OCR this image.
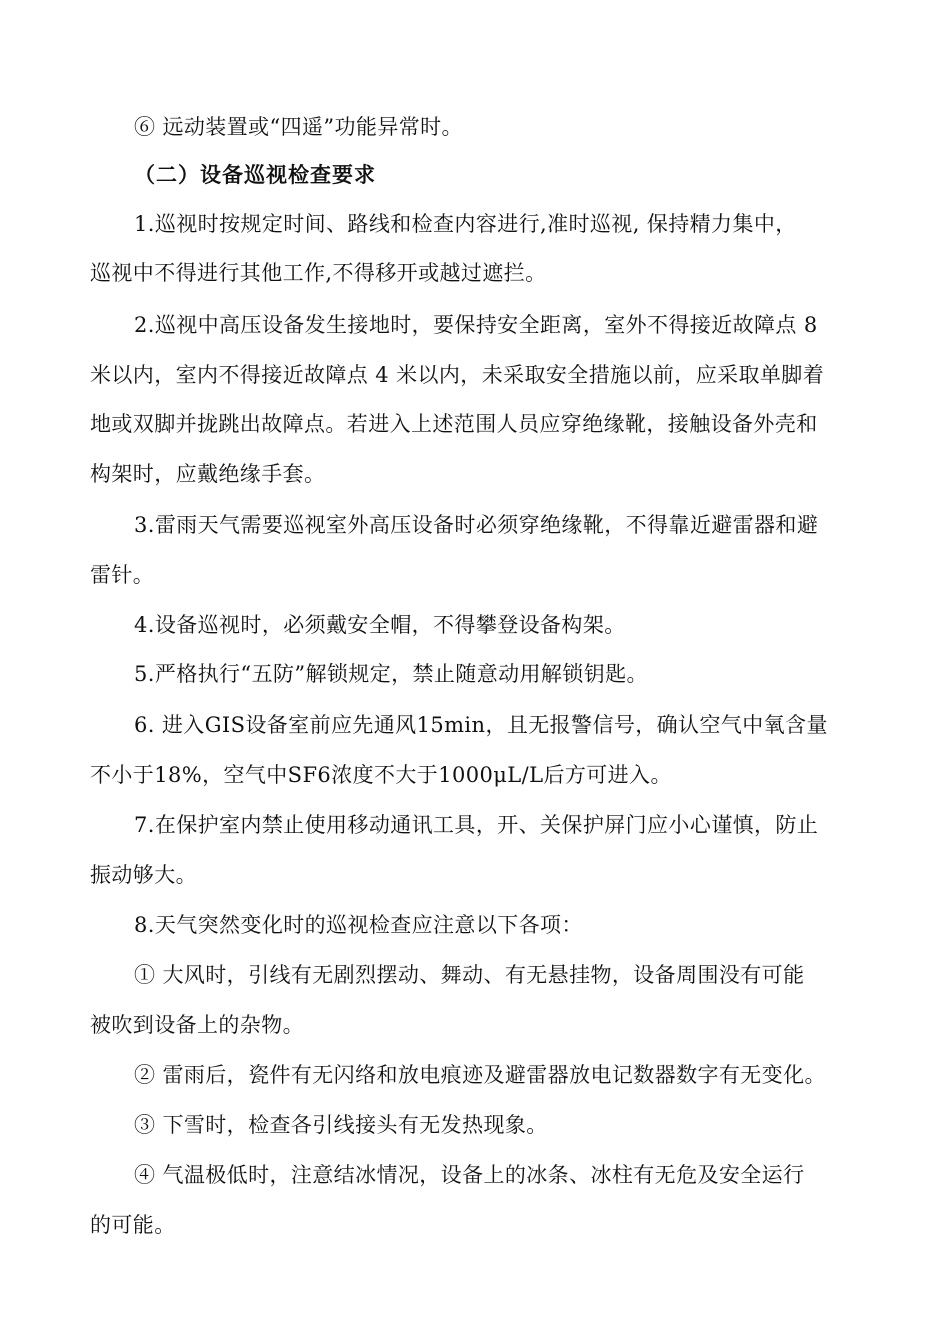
⑥ 远动装置或“四遥”功能异常时。
（二）设备巡视检查要求
1.巡视时按规定时间、路线和检查内容进行,准时巡视, 保持精力集中，
巡视中不得进行其他工作,不得移开或越过遮拦。
2.巡视中高压设备发生接地时，要保持安全距离，室外不得接近故障点 8
米以内，室内不得接近故障点 4 米以内，未采取安全措施以前，应采取单脚着
地或双脚并拢跳出故障点。若进入上述范围人员应穿绝缘靴，接触设备外壳和
构架时，应戴绝缘手套。
3.雷雨天气需要巡视室外高压设备时必须穿绝缘靴，不得靠近避雷器和避
雷针。
4.设备巡视时，必须戴安全帽，不得攀登设备构架。
5.严格执行“五防”解锁规定，禁止随意动用解锁钥匙。
6. 进入GIS设备室前应先通风15min，且无报警信号，确认空气中氧含量
不小于18%，空气中SF6浓度不大于1000μL/L后方可进入。
7.在保护室内禁止使用移动通讯工具，开、关保护屏门应小心谨慎，防止
振动够大。
8.天气突然变化时的巡视检查应注意以下各项：
① 大风时，引线有无剧烈摆动、舞动、有无悬挂物，设备周围没有可能
被吹到设备上的杂物。
② 雷雨后，瓷件有无闪络和放电痕迹及避雷器放电记数器数字有无变化。
③ 下雪时，检查各引线接头有无发热现象。
④ 气温极低时，注意结冰情况，设备上的冰条、冰柱有无危及安全运行
的可能。
